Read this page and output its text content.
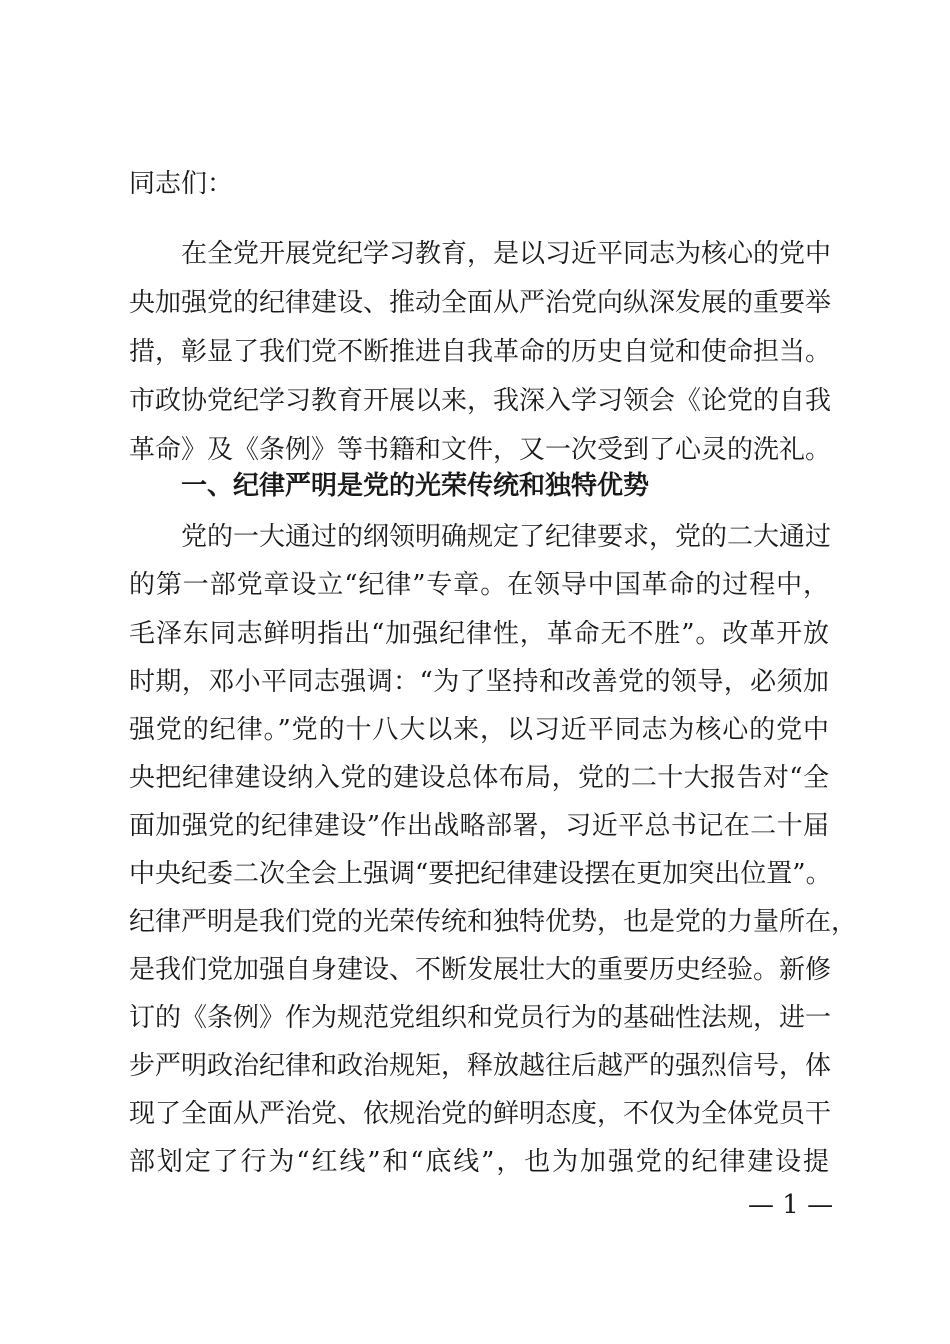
同志们：
在全党开展党纪学习教育，是以习近平同志为核心的党中
央加强党的纪律建设、推动全面从严治党向纵深发展的重要举
措，彰显了我们党不断推进自我革命的历史自觉和使命担当。
市政协党纪学习教育开展以来，我深入学习领会《论党的自我
革命》及《条例》等书籍和文件，又一次受到了心灵的洗礼。
一、纪律严明是党的光荣传统和独特优势
党的一大通过的纲领明确规定了纪律要求，党的二大通过
的第一部党章设立“纪律”专章。在领导中国革命的过程中，
毛泽东同志鲜明指出“加强纪律性，革命无不胜”。改革开放
时期，邓小平同志强调：“为了坚持和改善党的领导，必须加
强党的纪律。”党的十八大以来，以习近平同志为核心的党中
央把纪律建设纳入党的建设总体布局，党的二十大报告对“全
面加强党的纪律建设”作出战略部署，习近平总书记在二十届
中央纪委二次全会上强调“要把纪律建设摆在更加突出位置”。
纪律严明是我们党的光荣传统和独特优势，也是党的力量所在，
是我们党加强自身建设、不断发展壮大的重要历史经验。新修
订的《条例》作为规范党组织和党员行为的基础性法规，进一
步严明政治纪律和政治规矩，释放越往后越严的强烈信号，体
现了全面从严治党、依规治党的鲜明态度，不仅为全体党员干
部划定了行为“红线”和“底线”，也为加强党的纪律建设提
— 1 —
